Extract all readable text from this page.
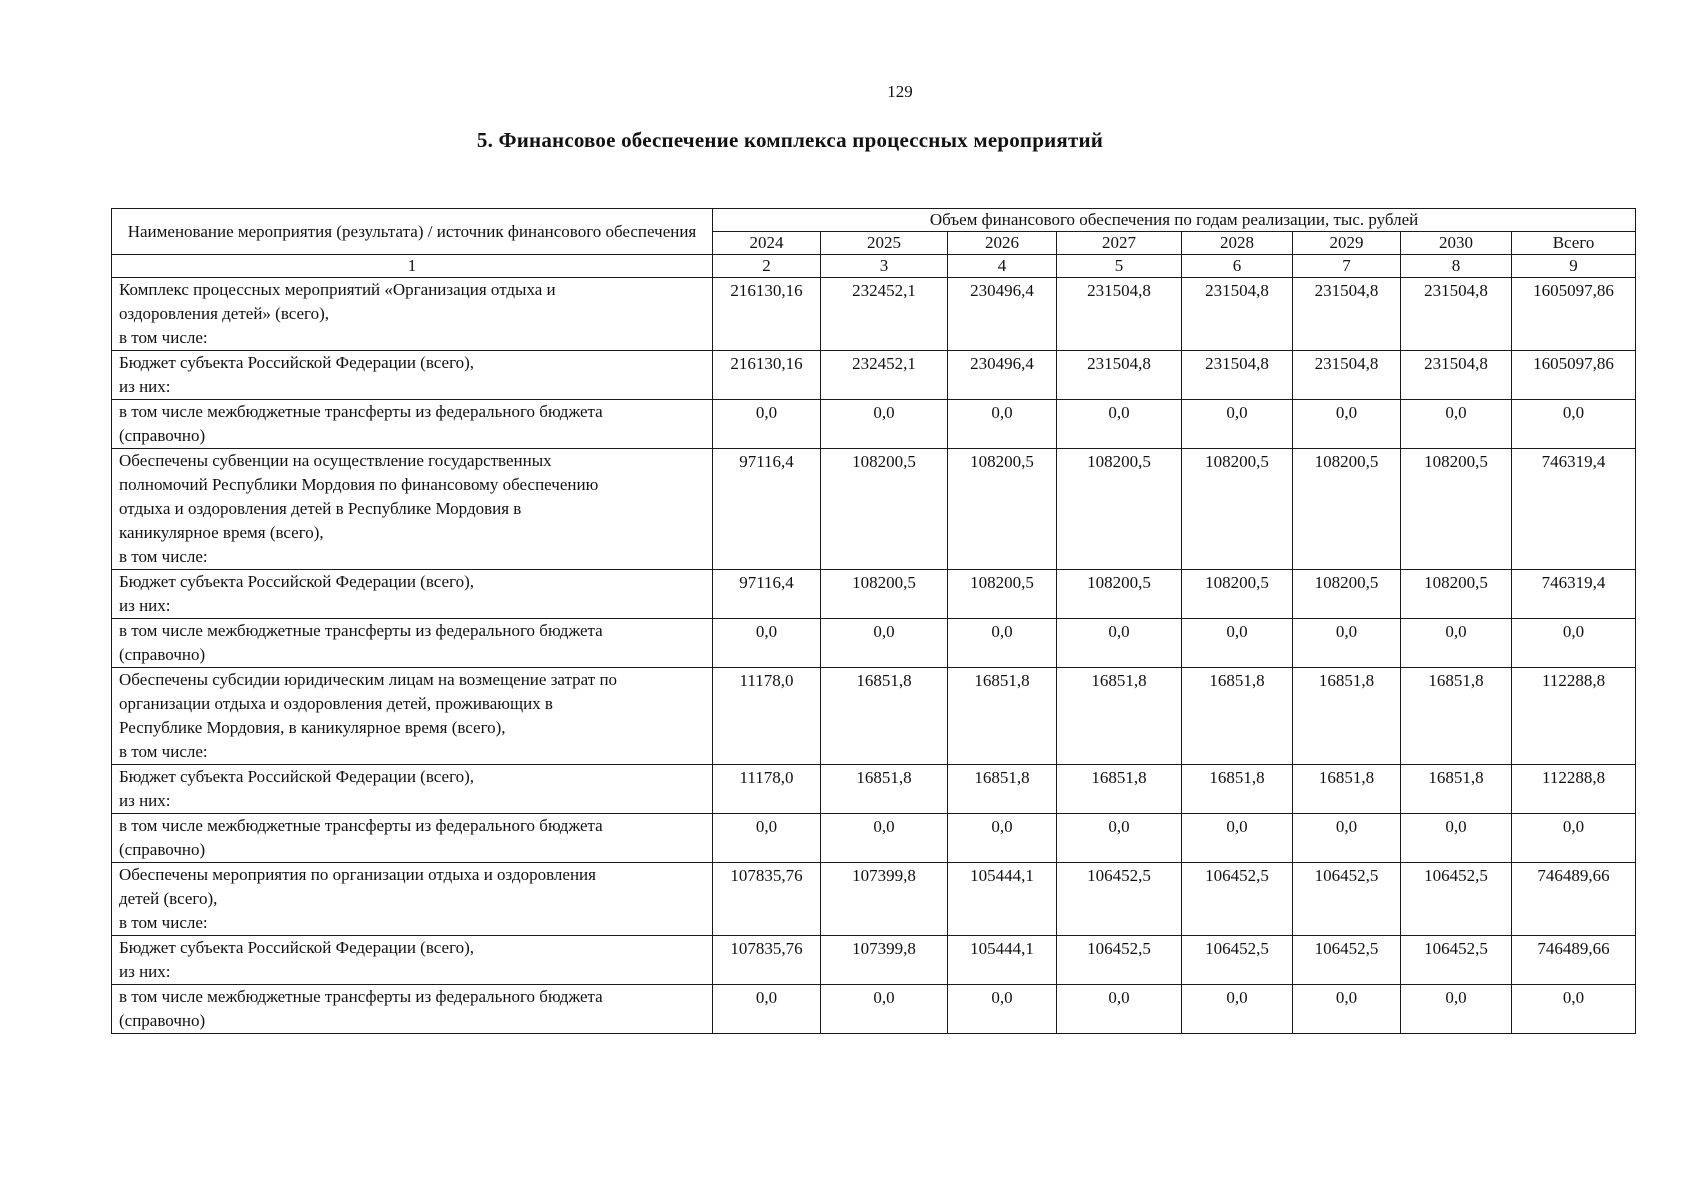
129
5. Финансовое обеспечение комплекса процессных мероприятий
Наименование мероприятия (результата) / источник финансового обеспечения	Объем финансового обеспечения по годам реализации, тыс. рублей							
	2024	2025	2026	2027	2028	2029	2030	Всего
1	2	3	4	5	6	7	8	9

Комплекс процессных мероприятий «Организация отдыха и
оздоровления детей» (всего),
в том числе:	216130,16	232452,1	230496,4	231504,8	231504,8	231504,8	231504,8	1605097,86

Бюджет субъекта Российской Федерации (всего),
из них:	216130,16	232452,1	230496,4	231504,8	231504,8	231504,8	231504,8	1605097,86

в том числе межбюджетные трансферты из федерального бюджета
(справочно)	0,0	0,0	0,0	0,0	0,0	0,0	0,0	0,0

Обеспечены субвенции на осуществление государственных
полномочий Республики Мордовия по финансовому обеспечению
отдыха и оздоровления детей в Республике Мордовия в
каникулярное время (всего),
в том числе:	97116,4	108200,5	108200,5	108200,5	108200,5	108200,5	108200,5	746319,4

Бюджет субъекта Российской Федерации (всего),
из них:	97116,4	108200,5	108200,5	108200,5	108200,5	108200,5	108200,5	746319,4

в том числе межбюджетные трансферты из федерального бюджета
(справочно)	0,0	0,0	0,0	0,0	0,0	0,0	0,0	0,0

Обеспечены субсидии юридическим лицам на возмещение затрат по
организации отдыха и оздоровления детей, проживающих в
Республике Мордовия, в каникулярное время (всего),
в том числе:	11178,0	16851,8	16851,8	16851,8	16851,8	16851,8	16851,8	112288,8

Бюджет субъекта Российской Федерации (всего),
из них:	11178,0	16851,8	16851,8	16851,8	16851,8	16851,8	16851,8	112288,8

в том числе межбюджетные трансферты из федерального бюджета
(справочно)	0,0	0,0	0,0	0,0	0,0	0,0	0,0	0,0

Обеспечены мероприятия по организации отдыха и оздоровления
детей (всего),
в том числе:	107835,76	107399,8	105444,1	106452,5	106452,5	106452,5	106452,5	746489,66

Бюджет субъекта Российской Федерации (всего),
из них:	107835,76	107399,8	105444,1	106452,5	106452,5	106452,5	106452,5	746489,66

в том числе межбюджетные трансферты из федерального бюджета
(справочно)	0,0	0,0	0,0	0,0	0,0	0,0	0,0	0,0
